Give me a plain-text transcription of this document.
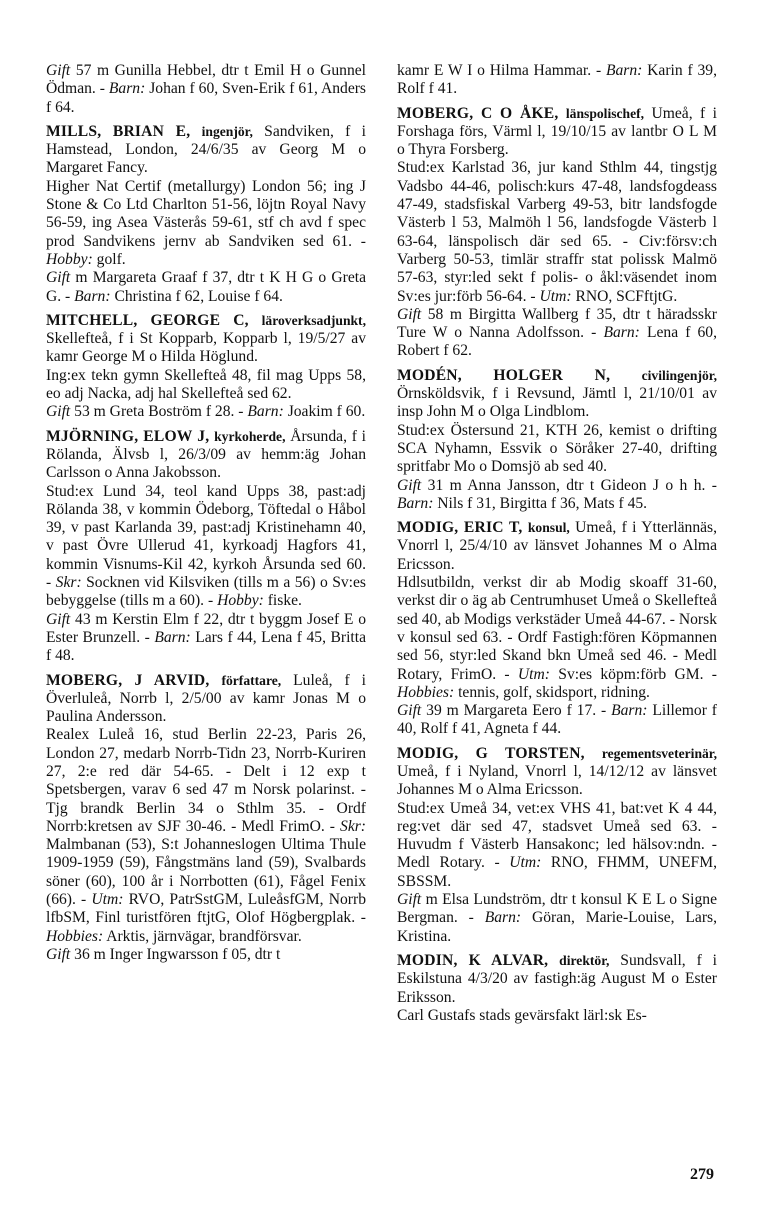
Gift 57 m Gunilla Hebbel, dtr t Emil H o Gunnel Ödman. - Barn: Johan f 60, Sven-Erik f 61, Anders f 64.
MILLS, BRIAN E, ingenjör, Sandviken, f i Hamstead, London, 24/6/35 av Georg M o Margaret Fancy.
Higher Nat Certif (metallurgy) London 56; ing J Stone & Co Ltd Charlton 51-56, löjtn Royal Navy 56-59, ing Asea Västerås 59-61, stf ch avd f spec prod Sandvikens jernv ab Sandviken sed 61. - Hobby: golf.
Gift m Margareta Graaf f 37, dtr t K H G o Greta G. - Barn: Christina f 62, Louise f 64.
MITCHELL, GEORGE C, läroverksadjunkt, Skellefteå, f i St Kopparb, Kopparb l, 19/5/27 av kamr George M o Hilda Höglund.
Ing:ex tekn gymn Skellefteå 48, fil mag Upps 58, eo adj Nacka, adj hal Skellefteå sed 62.
Gift 53 m Greta Boström f 28. - Barn: Joakim f 60.
MJÖRNING, ELOW J, kyrkoherde, Årsunda, f i Rölanda, Älvsb l, 26/3/09 av hemm:äg Johan Carlsson o Anna Jakobsson.
Stud:ex Lund 34, teol kand Upps 38, past:adj Rölanda 38, v kommin Ödeborg, Töftedal o Håbol 39, v past Karlanda 39, past:adj Kristinehamn 40, v past Övre Ullerud 41, kyrkoadj Hagfors 41, kommin Visnums-Kil 42, kyrkoh Årsunda sed 60. - Skr: Socknen vid Kilsviken (tills m a 56) o Sv:es bebyggelse (tills m a 60). - Hobby: fiske.
Gift 43 m Kerstin Elm f 22, dtr t byggm Josef E o Ester Brunzell. - Barn: Lars f 44, Lena f 45, Britta f 48.
MOBERG, J ARVID, författare, Luleå, f i Överluleå, Norrb l, 2/5/00 av kamr Jonas M o Paulina Andersson.
Realex Luleå 16, stud Berlin 22-23, Paris 26, London 27, medarb Norrb-Tidn 23, Norrb-Kuriren 27, 2:e red där 54-65. - Delt i 12 exp t Spetsbergen, varav 6 sed 47 m Norsk polarinst. - Tjg brandk Berlin 34 o Sthlm 35. - Ordf Norrb:kretsen av SJF 30-46. - Medl FrimO. - Skr: Malmbanan (53), S:t Johanneslogen Ultima Thule 1909-1959 (59), Fångstmäns land (59), Svalbards söner (60), 100 år i Norrbotten (61), Fågel Fenix (66). - Utm: RVO, PatrSstGM, LuleåsfGM, Norrb lfbSM, Finl turistfören ftjtG, Olof Högbergplak. - Hobbies: Arktis, järnvägar, brandförsvar.
Gift 36 m Inger Ingwarsson f 05, dtr t
kamr E W I o Hilma Hammar. - Barn: Karin f 39, Rolf f 41.
MOBERG, C O ÅKE, länspolischef, Umeå, f i Forshaga förs, Värml l, 19/10/15 av lantbr O L M o Thyra Forsberg.
Stud:ex Karlstad 36, jur kand Sthlm 44, tingstjg Vadsbo 44-46, polisch:kurs 47-48, landsfogdeass 47-49, stadsfiskal Varberg 49-53, bitr landsfogde Västerb l 53, Malmöh l 56, landsfogde Västerb l 63-64, länspolisch där sed 65. - Civ:försv:ch Varberg 50-53, timlär straffr stat polissk Malmö 57-63, styr:led sekt f polis- o åkl:väsendet inom Sv:es jur:förb 56-64. - Utm: RNO, SCFftjtG.
Gift 58 m Birgitta Wallberg f 35, dtr t häradsskr Ture W o Nanna Adolfsson. - Barn: Lena f 60, Robert f 62.
MODÉN, HOLGER N, civilingenjör, Örnsköldsvik, f i Revsund, Jämtl l, 21/10/01 av insp John M o Olga Lindblom.
Stud:ex Östersund 21, KTH 26, kemist o drifting SCA Nyhamn, Essvik o Söråker 27-40, drifting spritfabr Mo o Domsjö ab sed 40.
Gift 31 m Anna Jansson, dtr t Gideon J o h h. - Barn: Nils f 31, Birgitta f 36, Mats f 45.
MODIG, ERIC T, konsul, Umeå, f i Ytterlännäs, Vnorrl l, 25/4/10 av länsvet Johannes M o Alma Ericsson.
Hdlsutbildn, verkst dir ab Modig skoaff 31-60, verkst dir o äg ab Centrumhuset Umeå o Skellefteå sed 40, ab Modigs verkstäder Umeå 44-67. - Norsk v konsul sed 63. - Ordf Fastigh:fören Köpmannen sed 56, styr:led Skand bkn Umeå sed 46. - Medl Rotary, FrimO. - Utm: Sv:es köpm:förb GM. - Hobbies: tennis, golf, skidsport, ridning.
Gift 39 m Margareta Eero f 17. - Barn: Lillemor f 40, Rolf f 41, Agneta f 44.
MODIG, G TORSTEN, regementsveterinär, Umeå, f i Nyland, Vnorrl l, 14/12/12 av länsvet Johannes M o Alma Ericsson.
Stud:ex Umeå 34, vet:ex VHS 41, bat:vet K 4 44, reg:vet där sed 47, stadsvet Umeå sed 63. - Huvudm f Västerb Hansakonc; led hälsov:ndn. - Medl Rotary. - Utm: RNO, FHMM, UNEFM, SBSSM.
Gift m Elsa Lundström, dtr t konsul K E L o Signe Bergman. - Barn: Göran, Marie-Louise, Lars, Kristina.
MODIN, K ALVAR, direktör, Sundsvall, f i Eskilstuna 4/3/20 av fastigh:äg August M o Ester Eriksson.
Carl Gustafs stads gevärsfakt lärl:sk Es-
279
